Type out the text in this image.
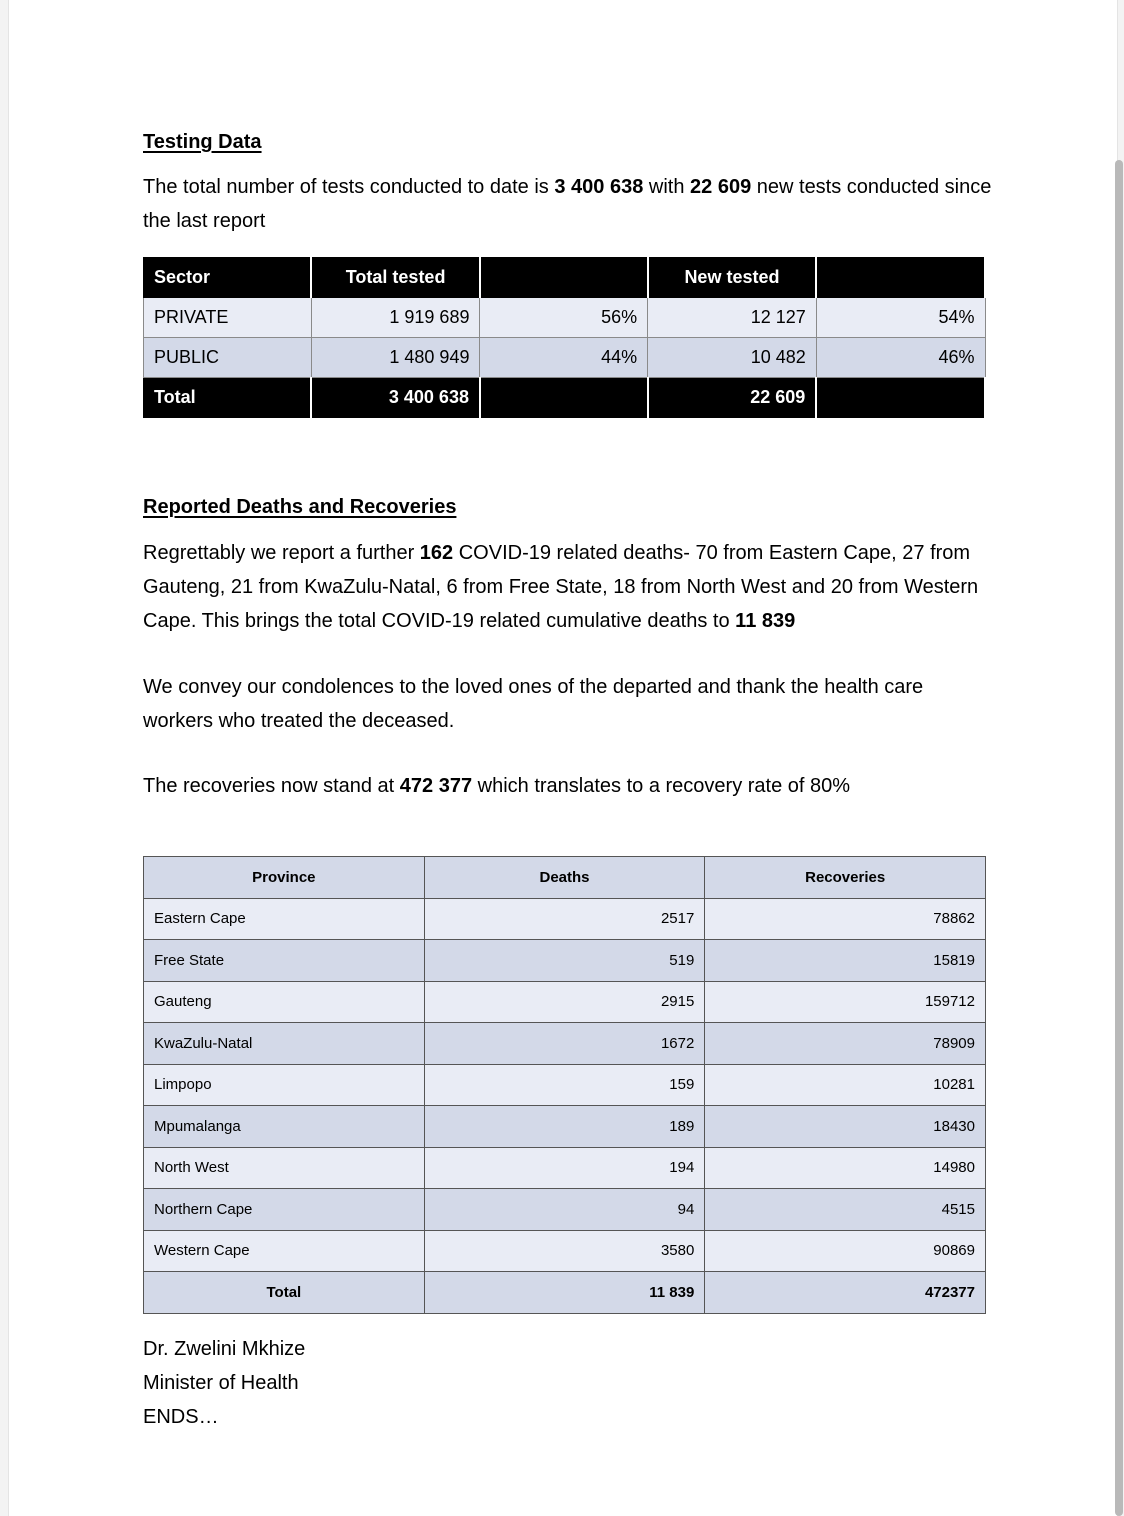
Testing Data

The total number of tests conducted to date is 3 400 638 with 22 609 new tests conducted since the last report

Sector	Total tested		New tested	
PRIVATE	1 919 689	56%	12 127	54%
PUBLIC	1 480 949	44%	10 482	46%
Total	3 400 638		22 609	
Reported Deaths and Recoveries

Regrettably we report a further 162 COVID-19 related deaths- 70 from Eastern Cape, 27 from Gauteng, 21 from KwaZulu-Natal, 6 from Free State, 18 from North West and 20 from Western Cape. This brings the total COVID-19 related cumulative deaths to 11 839

We convey our condolences to the loved ones of the departed and thank the health care workers who treated the deceased.

The recoveries now stand at 472 377 which translates to a recovery rate of 80%

Province	Deaths	Recoveries
Eastern Cape	2517	78862
Free State	519	15819
Gauteng	2915	159712
KwaZulu-Natal	1672	78909
Limpopo	159	10281
Mpumalanga	189	18430
North West	194	14980
Northern Cape	94	4515
Western Cape	3580	90869
Total	11 839	472377
Dr. Zwelini Mkhize
Minister of Health
ENDS…
